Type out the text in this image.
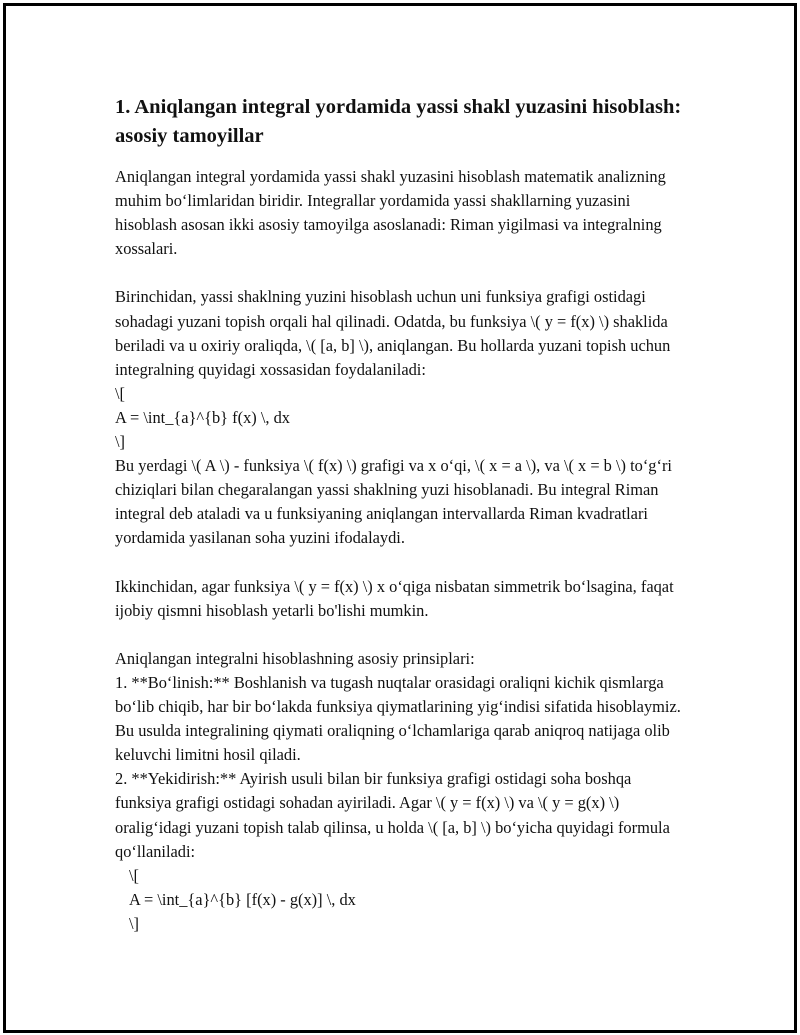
1. Aniqlangan integral yordamida yassi shakl yuzasini hisoblash: asosiy tamoyillar

Aniqlangan integral yordamida yassi shakl yuzasini hisoblash matematik analizning muhim bo‘limlaridan biridir. Integrallar yordamida yassi shakllarning yuzasini hisoblash asosan ikki asosiy tamoyilga asoslanadi: Riman yigilmasi va integralning xossalari.

Birinchidan, yassi shaklning yuzini hisoblash uchun uni funksiya grafigi ostidagi sohadagi yuzani topish orqali hal qilinadi. Odatda, bu funksiya \( y = f(x) \) shaklida beriladi va u oxiriy oraliqda, \( [a, b] \), aniqlangan. Bu hollarda yuzani topish uchun integralning quyidagi xossasidan foydalaniladi:

\[

A = \int_{a}^{b} f(x) \, dx

\]

Bu yerdagi \( A \) - funksiya \( f(x) \) grafigi va x o‘qi, \( x = a \), va \( x = b \) to‘g‘ri chiziqlari bilan chegaralangan yassi shaklning yuzi hisoblanadi. Bu integral Riman integral deb ataladi va u funksiyaning aniqlangan intervallarda Riman kvadratlari yordamida yasilanan soha yuzini ifodalaydi.

Ikkinchidan, agar funksiya \( y = f(x) \) x o‘qiga nisbatan simmetrik bo‘lsagina, faqat ijobiy qismni hisoblash yetarli bo'lishi mumkin.

Aniqlangan integralni hisoblashning asosiy prinsiplari:

1. **Bo‘linish:** Boshlanish va tugash nuqtalar orasidagi oraliqni kichik qismlarga bo‘lib chiqib, har bir bo‘lakda funksiya qiymatlarining yig‘indisi sifatida hisoblaymiz. Bu usulda integralining qiymati oraliqning o‘lchamlariga qarab aniqroq natijaga olib keluvchi limitni hosil qiladi.

2. **Yekidirish:** Ayirish usuli bilan bir funksiya grafigi ostidagi soha boshqa funksiya grafigi ostidagi sohadan ayiriladi. Agar \( y = f(x) \) va \( y = g(x) \) oralig‘idagi yuzani topish talab qilinsa, u holda \( [a, b] \) bo‘yicha quyidagi formula qo‘llaniladi:

\[

A = \int_{a}^{b} [f(x) - g(x)] \, dx

\]
